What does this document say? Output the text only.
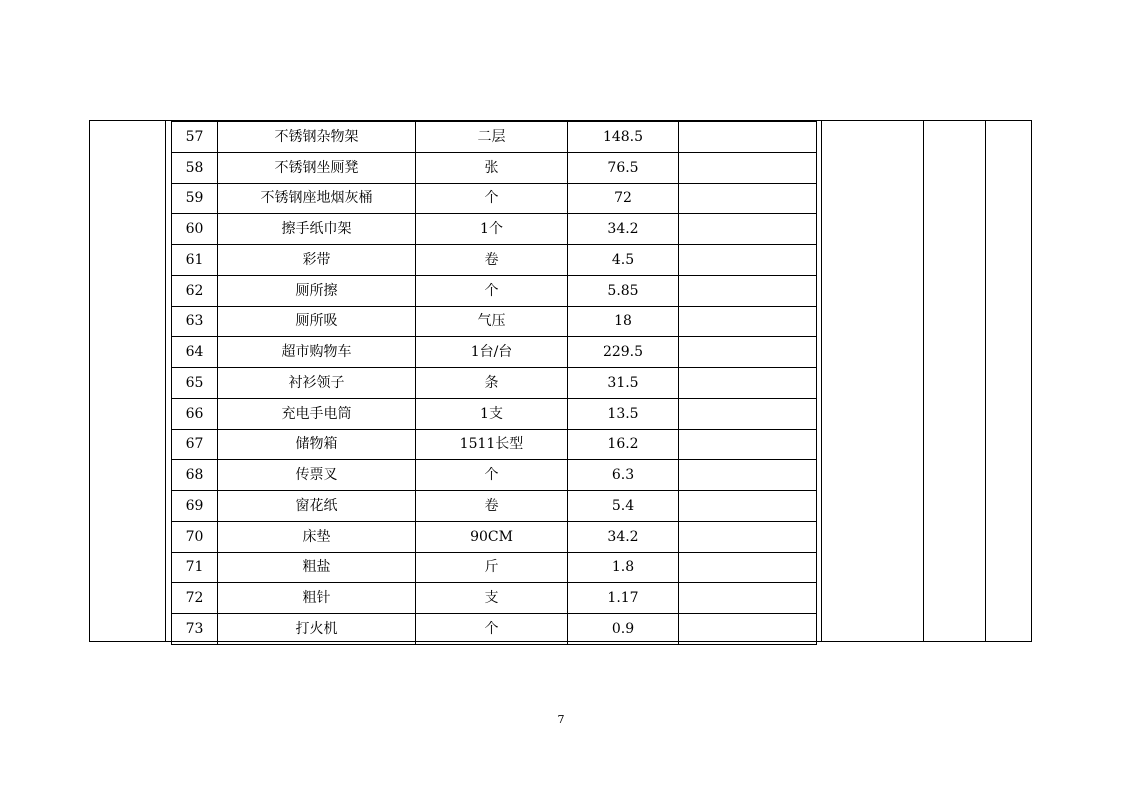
57	不锈钢杂物架	二层	148.5	
58	不锈钢坐厕凳	张	76.5	
59	不锈钢座地烟灰桶	个	72	
60	擦手纸巾架	1个	34.2	
61	彩带	卷	4.5	
62	厕所擦	个	5.85	
63	厕所吸	气压	18	
64	超市购物车	1台/台	229.5	
65	衬衫领子	条	31.5	
66	充电手电筒	1支	13.5	
67	储物箱	1511长型	16.2	
68	传票叉	个	6.3	
69	窗花纸	卷	5.4	
70	床垫	90CM	34.2	
71	粗盐	斤	1.8	
72	粗针	支	1.17	
73	打火机	个	0.9	
7
